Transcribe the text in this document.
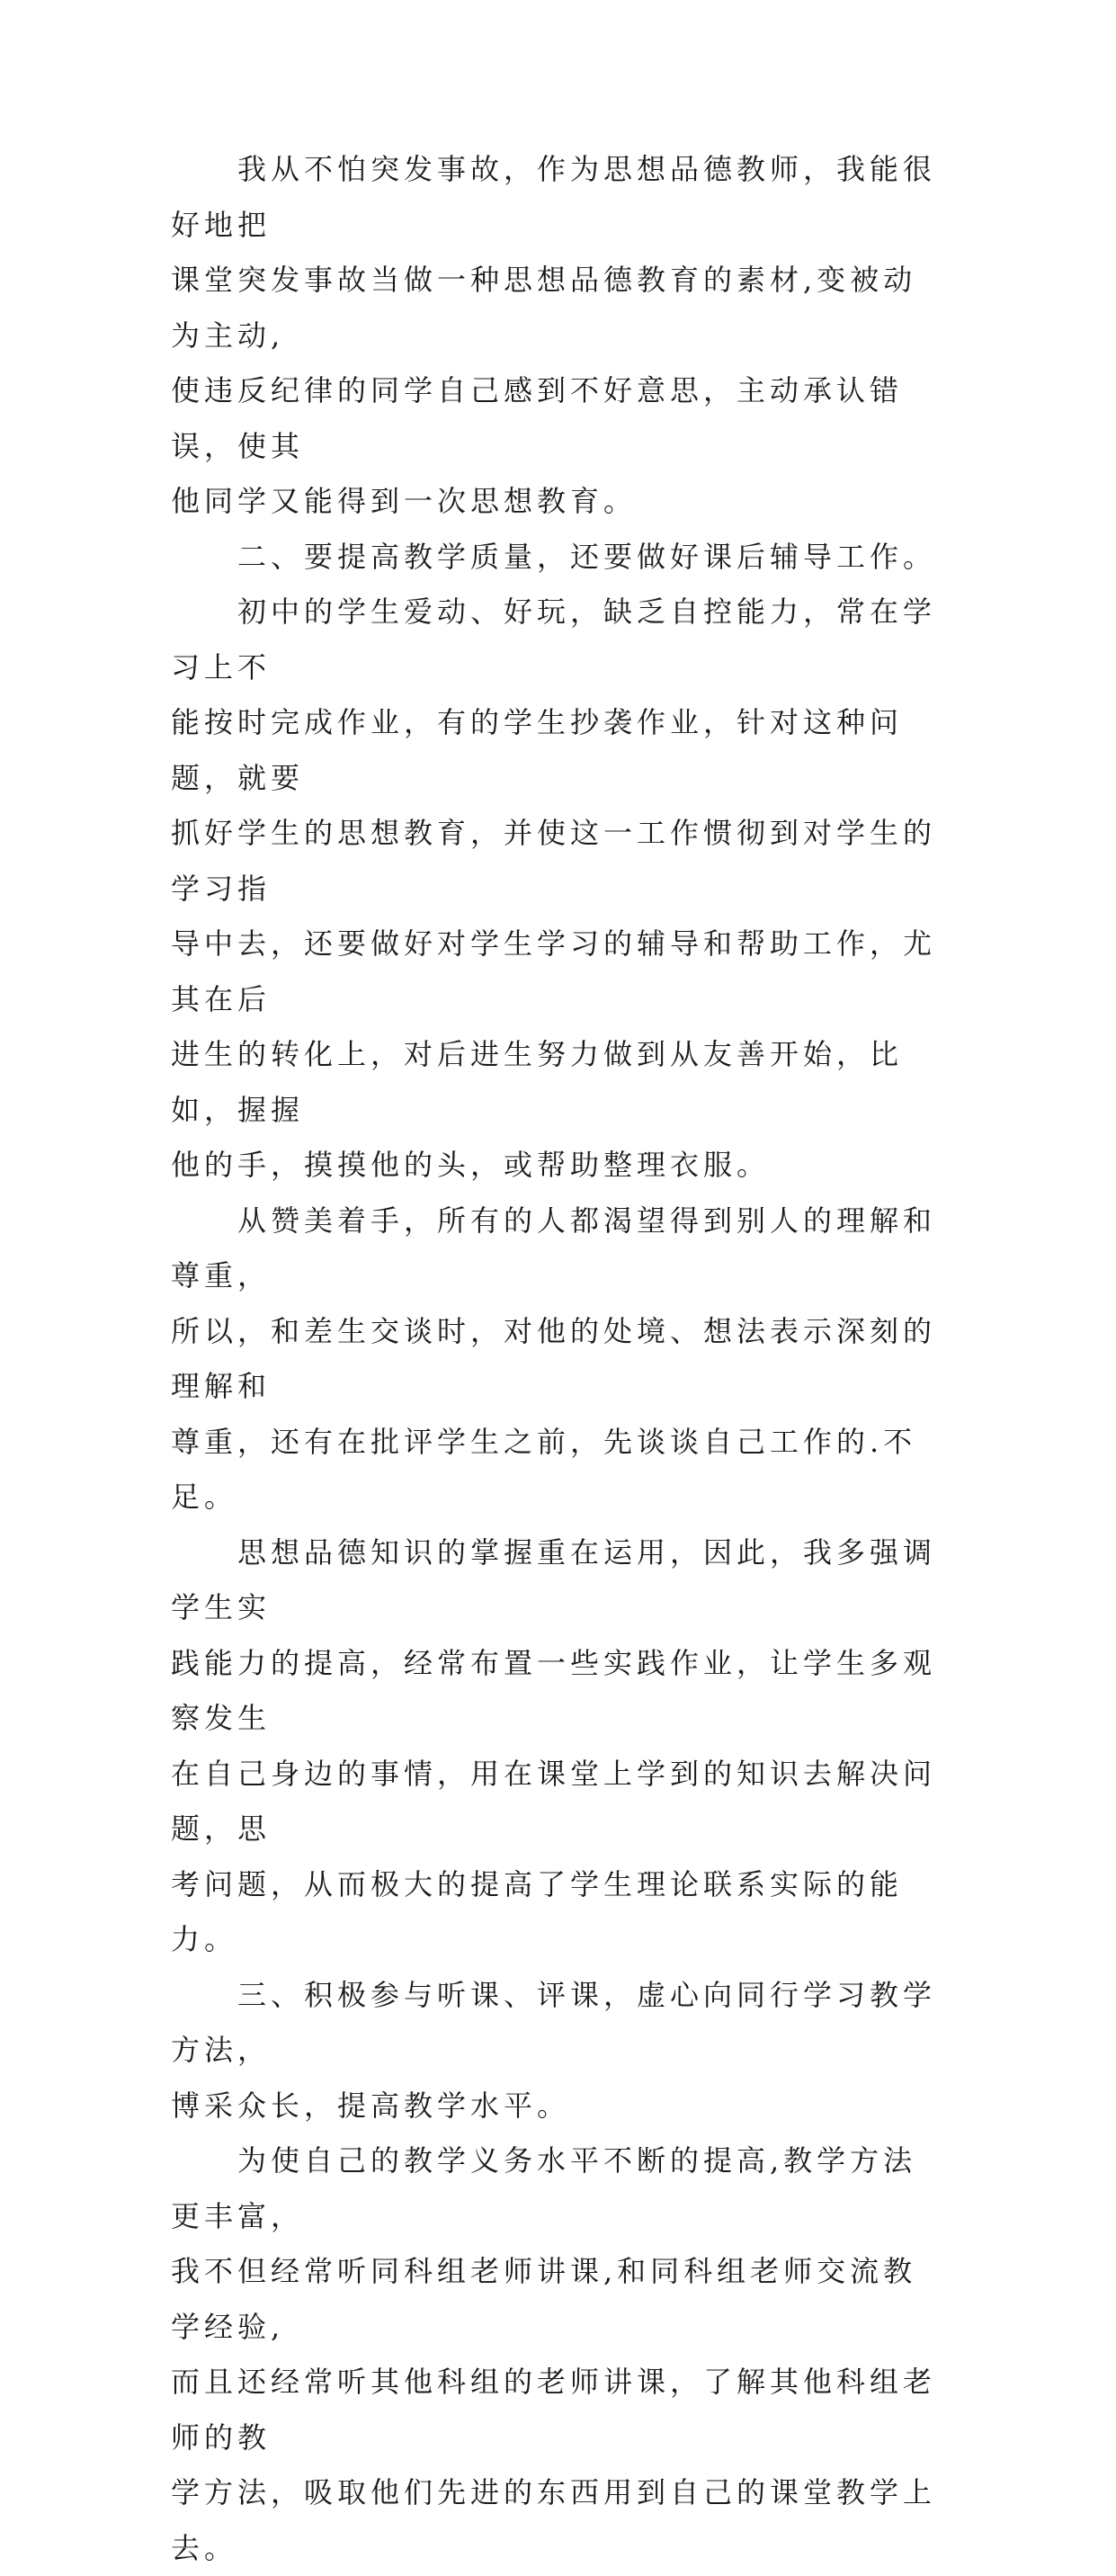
我从不怕突发事故，作为思想品德教师，我能很好地把
课堂突发事故当做一种思想品德教育的素材,变被动为主动,
使违反纪律的同学自己感到不好意思，主动承认错误，使其
他同学又能得到一次思想教育。

二、要提高教学质量，还要做好课后辅导工作。

初中的学生爱动、好玩，缺乏自控能力，常在学习上不
能按时完成作业，有的学生抄袭作业，针对这种问题，就要
抓好学生的思想教育，并使这一工作惯彻到对学生的学习指
导中去，还要做好对学生学习的辅导和帮助工作，尤其在后
进生的转化上，对后进生努力做到从友善开始，比如，握握
他的手，摸摸他的头，或帮助整理衣服。

从赞美着手，所有的人都渴望得到别人的理解和尊重，
所以，和差生交谈时，对他的处境、想法表示深刻的理解和
尊重，还有在批评学生之前，先谈谈自己工作的.不足。

思想品德知识的掌握重在运用，因此，我多强调学生实
践能力的提高，经常布置一些实践作业，让学生多观察发生
在自己身边的事情，用在课堂上学到的知识去解决问题，思
考问题，从而极大的提高了学生理论联系实际的能力。

三、积极参与听课、评课，虚心向同行学习教学方法，
博采众长，提高教学水平。

为使自己的教学义务水平不断的提高,教学方法更丰富，
我不但经常听同科组老师讲课,和同科组老师交流教学经验,
而且还经常听其他科组的老师讲课，了解其他科组老师的教
学方法，吸取他们先进的东西用到自己的课堂教学上去。
